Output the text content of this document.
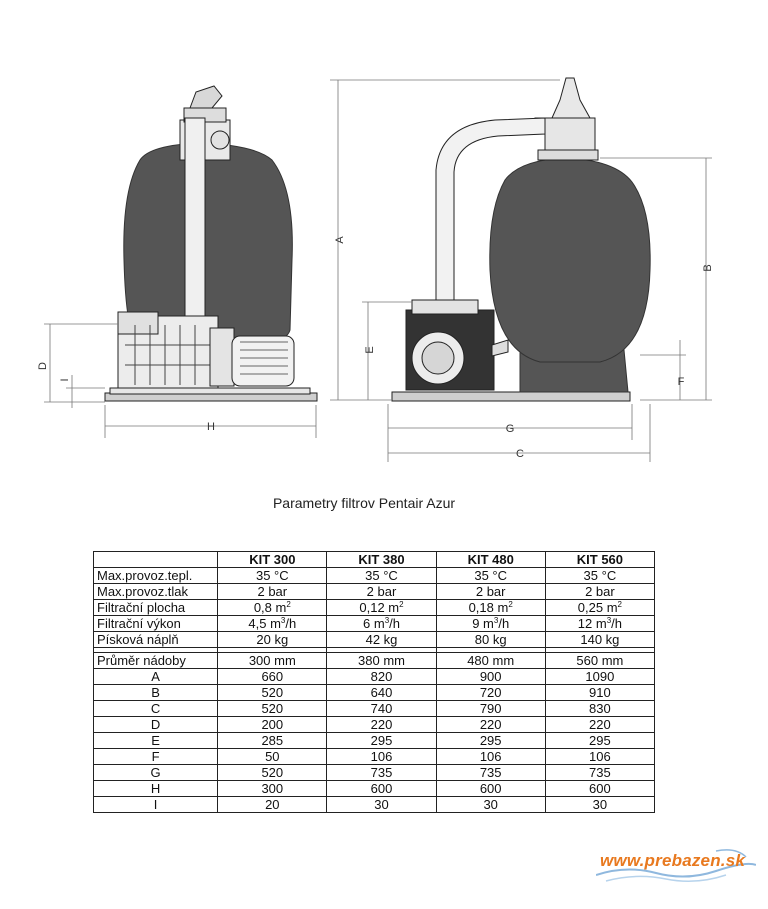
D
I
H
A
B
E
F
G
C
Parametry filtrov Pentair Azur
	KIT 300	KIT 380	KIT 480	KIT 560
Max.provoz.tepl.	35 °C	35 °C	35 °C	35 °C
Max.provoz.tlak	2 bar	2 bar	2 bar	2 bar
Filtrační plocha	0,8 $m^2$	0,12 $m^2$	0,18 $m^2$	0,25 $m^2$
Filtrační výkon	4,5 $m^3/h$	6 $m^3/h$	9 $m^3/h$	12 $m^3/h$
Písková náplň	20 kg	42 kg	80 kg	140 kg

Průměr nádoby	300 mm	380 mm	480 mm	560 mm
A	660	820	900	1090
B	520	640	720	910
C	520	740	790	830
D	200	220	220	220
E	285	295	295	295
F	50	106	106	106
G	520	735	735	735
H	300	600	600	600
I	20	30	30	30
www.prebazen.sk
